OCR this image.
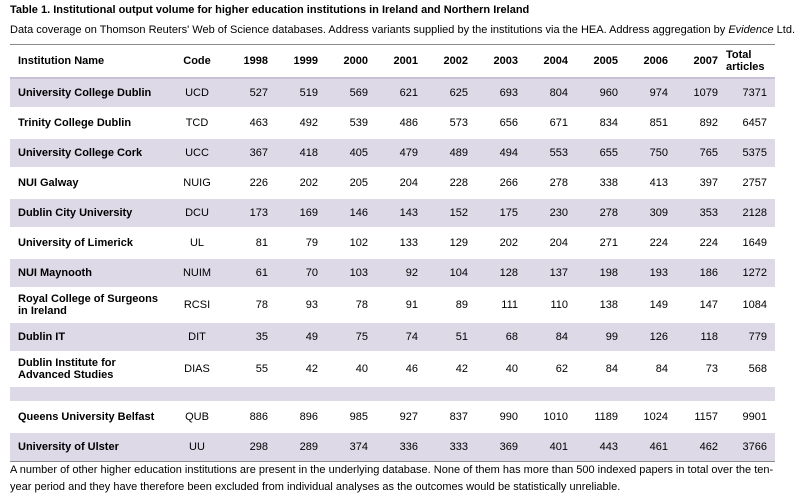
Table 1. Institutional output volume for higher education institutions in Ireland and Northern Ireland
Data coverage on Thomson Reuters' Web of Science databases. Address variants supplied by the institutions via the HEA. Address aggregation by Evidence Ltd.
Institution Name	Code	1998	1999	2000	2001	2002	2003	2004	2005	2006	2007	Total
articles
University College Dublin	UCD	527	519	569	621	625	693	804	960	974	1079	7371
Trinity College Dublin	TCD	463	492	539	486	573	656	671	834	851	892	6457
University College Cork	UCC	367	418	405	479	489	494	553	655	750	765	5375
NUI Galway	NUIG	226	202	205	204	228	266	278	338	413	397	2757
Dublin City University	DCU	173	169	146	143	152	175	230	278	309	353	2128
University of Limerick	UL	81	79	102	133	129	202	204	271	224	224	1649
NUI Maynooth	NUIM	61	70	103	92	104	128	137	198	193	186	1272
Royal College of Surgeons
in Ireland	RCSI	78	93	78	91	89	111	110	138	149	147	1084
Dublin IT	DIT	35	49	75	74	51	68	84	99	126	118	779
Dublin Institute for
Advanced Studies	DIAS	55	42	40	46	42	40	62	84	84	73	568

Queens University Belfast	QUB	886	896	985	927	837	990	1010	1189	1024	1157	9901
University of Ulster	UU	298	289	374	336	333	369	401	443	461	462	3766
A number of other higher education institutions are present in the underlying database. None of them has more than 500 indexed papers in total over the ten-year period and they have therefore been excluded from individual analyses as the outcomes would be statistically unreliable.
